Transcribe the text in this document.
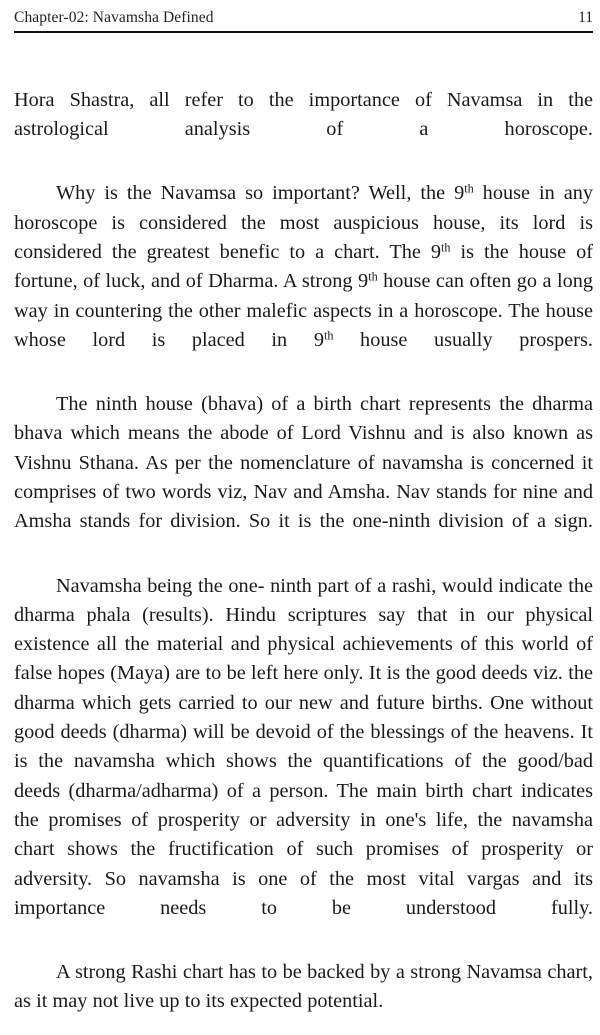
Chapter-02: Navamsha Defined	11

Hora Shastra, all refer to the importance of Navamsa in the astrological analysis of a horoscope.

Why is the Navamsa so important? Well, the 9th house in any horoscope is considered the most auspicious house, its lord is considered the greatest benefic to a chart. The 9th is the house of fortune, of luck, and of Dharma. A strong 9th house can often go a long way in countering the other malefic aspects in a horoscope. The house whose lord is placed in 9th house usually prospers.

The ninth house (bhava) of a birth chart represents the dharma bhava which means the abode of Lord Vishnu and is also known as Vishnu Sthana. As per the nomenclature of navamsha is concerned it comprises of two words viz, Nav and Amsha. Nav stands for nine and Amsha stands for division. So it is the one-ninth division of a sign.

Navamsha being the one- ninth part of a rashi, would indicate the dharma phala (results). Hindu scriptures say that in our physical existence all the material and physical achievements of this world of false hopes (Maya) are to be left here only. It is the good deeds viz. the dharma which gets carried to our new and future births. One without good deeds (dharma) will be devoid of the blessings of the heavens. It is the navamsha which shows the quantifications of the good/bad deeds (dharma/adharma) of a person. The main birth chart indicates the promises of prosperity or adversity in one's life, the navamsha chart shows the fructification of such promises of prosperity or adversity. So navamsha is one of the most vital vargas and its importance needs to be understood fully.

A strong Rashi chart has to be backed by a strong Navamsa chart, as it may not live up to its expected potential.
